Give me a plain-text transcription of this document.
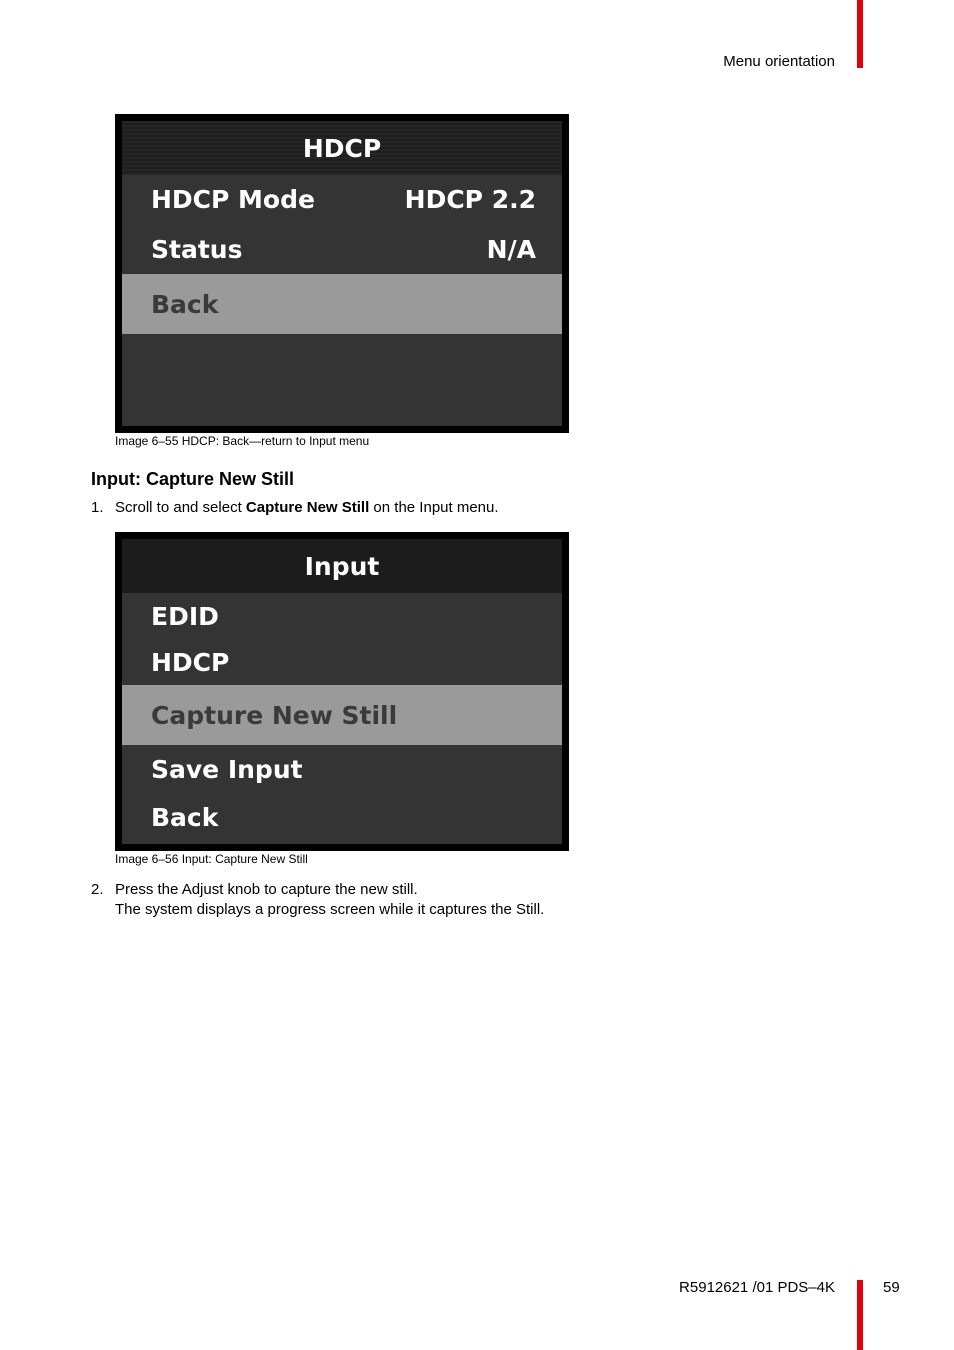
Menu orientation
HDCP
HDCP Mode	HDCP 2.2
Status	N/A
Back
Image 6–55 HDCP: Back—return to Input menu
Input: Capture New Still
1. Scroll to and select Capture New Still on the Input menu.
Input
EDID
HDCP
Capture New Still
Save Input
Back
Image 6–56 Input: Capture New Still
2. Press the Adjust knob to capture the new still.
The system displays a progress screen while it captures the Still.
R5912621 /01 PDS–4K	59
